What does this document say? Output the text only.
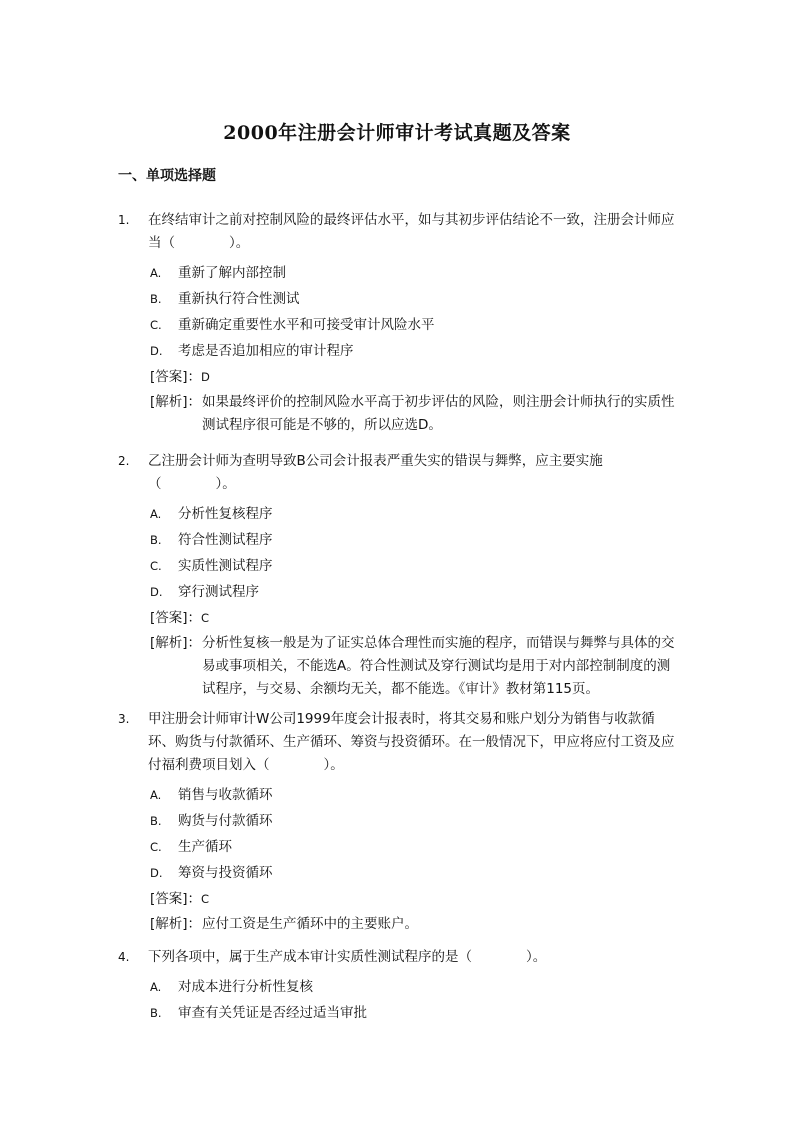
2000年注册会计师审计考试真题及答案
一、单项选择题
1. 在终结审计之前对控制风险的最终评估水平，如与其初步评估结论不一致，注册会计师应当（　　　　）。
A. 重新了解内部控制
B. 重新执行符合性测试
C. 重新确定重要性水平和可接受审计风险水平
D. 考虑是否追加相应的审计程序
[答案]：D
[解析]： 如果最终评价的控制风险水平高于初步评估的风险，则注册会计师执行的实质性测试程序很可能是不够的，所以应选D。
2. 乙注册会计师为查明导致B公司会计报表严重失实的错误与舞弊，应主要实施（　　　　）。
A. 分析性复核程序
B. 符合性测试程序
C. 实质性测试程序
D. 穿行测试程序
[答案]：C
[解析]： 分析性复核一般是为了证实总体合理性而实施的程序，而错误与舞弊与具体的交易或事项相关，不能选A。符合性测试及穿行测试均是用于对内部控制制度的测试程序，与交易、余额均无关，都不能选。《审计》教材第115页。
3. 甲注册会计师审计W公司1999年度会计报表时，将其交易和账户划分为销售与收款循环、购货与付款循环、生产循环、筹资与投资循环。在一般情况下，甲应将应付工资及应付福利费项目划入（　　　　）。
A. 销售与收款循环
B. 购货与付款循环
C. 生产循环
D. 筹资与投资循环
[答案]：C
[解析]： 应付工资是生产循环中的主要账户。
4. 下列各项中，属于生产成本审计实质性测试程序的是（　　　　）。
A. 对成本进行分析性复核
B. 审查有关凭证是否经过适当审批
